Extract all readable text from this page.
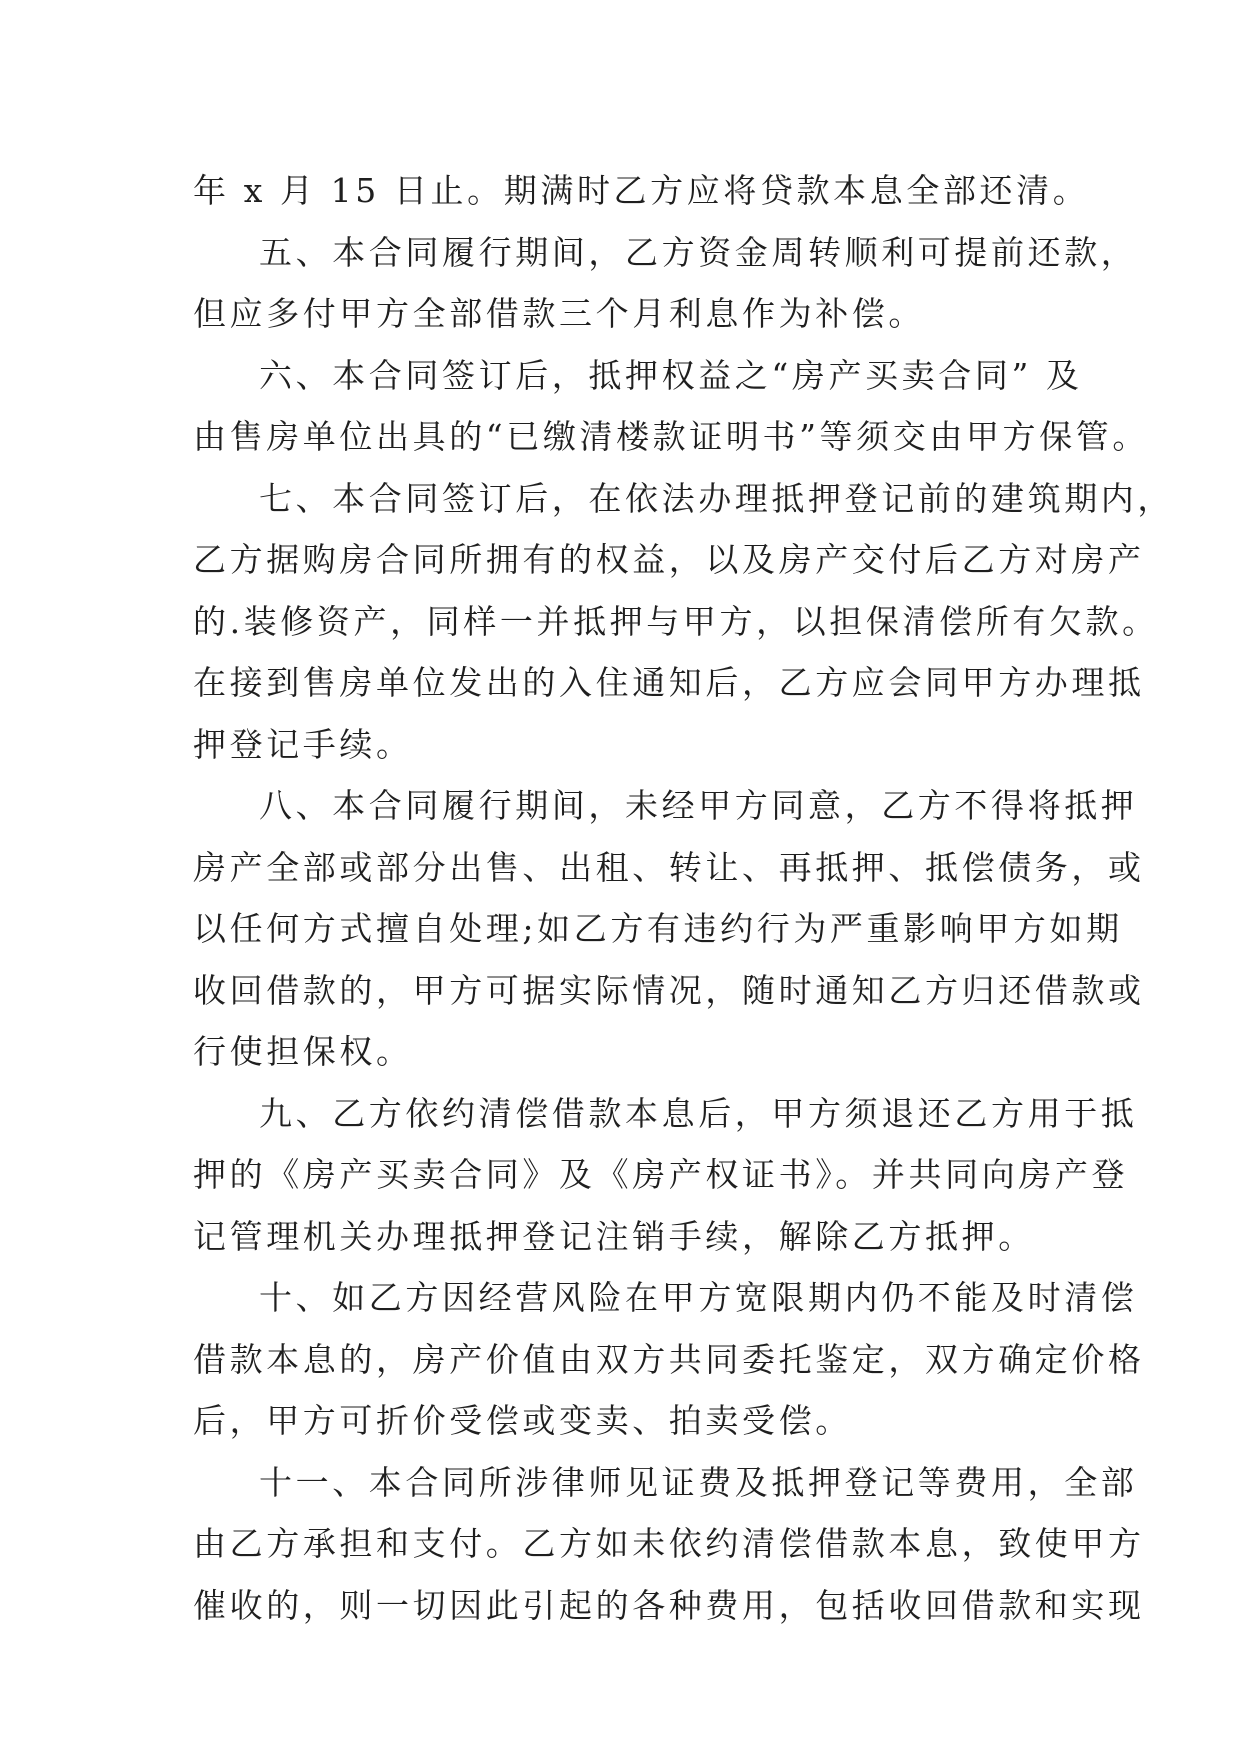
年 x 月 15 日止。期满时乙方应将贷款本息全部还清。
五、本合同履行期间，乙方资金周转顺利可提前还款，
但应多付甲方全部借款三个月利息作为补偿。
六、本合同签订后，抵押权益之“房产买卖合同” 及
由售房单位出具的“已缴清楼款证明书”等须交由甲方保管。
七、本合同签订后，在依法办理抵押登记前的建筑期内，
乙方据购房合同所拥有的权益，以及房产交付后乙方对房产
的.装修资产，同样一并抵押与甲方，以担保清偿所有欠款。
在接到售房单位发出的入住通知后，乙方应会同甲方办理抵
押登记手续。
八、本合同履行期间，未经甲方同意，乙方不得将抵押
房产全部或部分出售、出租、转让、再抵押、抵偿债务，或
以任何方式擅自处理;如乙方有违约行为严重影响甲方如期
收回借款的，甲方可据实际情况，随时通知乙方归还借款或
行使担保权。
九、乙方依约清偿借款本息后，甲方须退还乙方用于抵
押的《房产买卖合同》及《房产权证书》。并共同向房产登
记管理机关办理抵押登记注销手续，解除乙方抵押。
十、如乙方因经营风险在甲方宽限期内仍不能及时清偿
借款本息的，房产价值由双方共同委托鉴定，双方确定价格
后，甲方可折价受偿或变卖、拍卖受偿。
十一、本合同所涉律师见证费及抵押登记等费用，全部
由乙方承担和支付。乙方如未依约清偿借款本息，致使甲方
催收的，则一切因此引起的各种费用，包括收回借款和实现
